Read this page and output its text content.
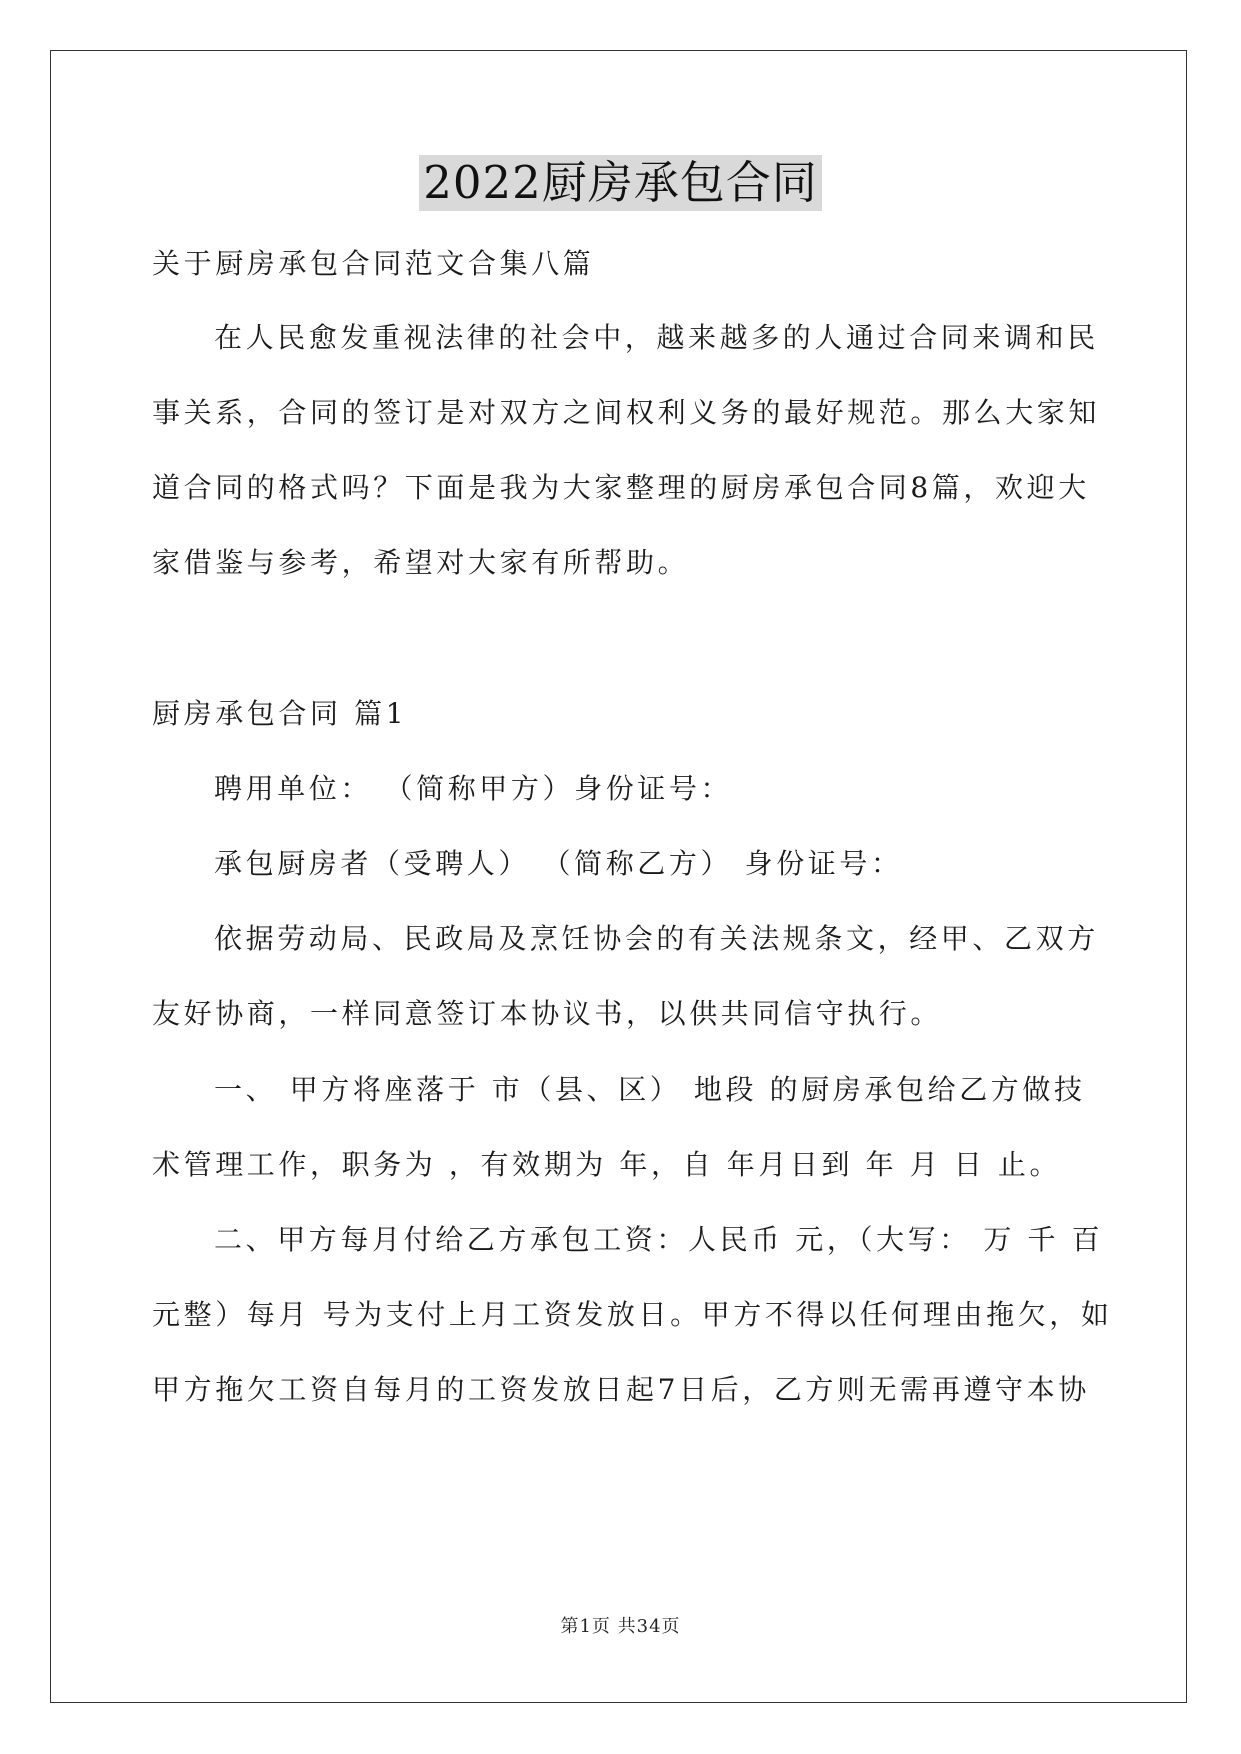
2022厨房承包合同
关于厨房承包合同范文合集八篇
在人民愈发重视法律的社会中，越来越多的人通过合同来调和民
事关系，合同的签订是对双方之间权利义务的最好规范。那么大家知
道合同的格式吗？下面是我为大家整理的厨房承包合同8篇，欢迎大
家借鉴与参考，希望对大家有所帮助。
厨房承包合同 篇1
聘用单位： （简称甲方）身份证号：
承包厨房者（受聘人） （简称乙方） 身份证号：
依据劳动局、民政局及烹饪协会的有关法规条文，经甲、乙双方
友好协商，一样同意签订本协议书，以供共同信守执行。
一、 甲方将座落于 市（县、区） 地段 的厨房承包给乙方做技
术管理工作，职务为 ，有效期为 年，自 年月日到 年 月 日 止。
二、甲方每月付给乙方承包工资：人民币 元，（大写： 万 千 百
元整）每月 号为支付上月工资发放日。甲方不得以任何理由拖欠，如
甲方拖欠工资自每月的工资发放日起7日后，乙方则无需再遵守本协
第1页 共34页
